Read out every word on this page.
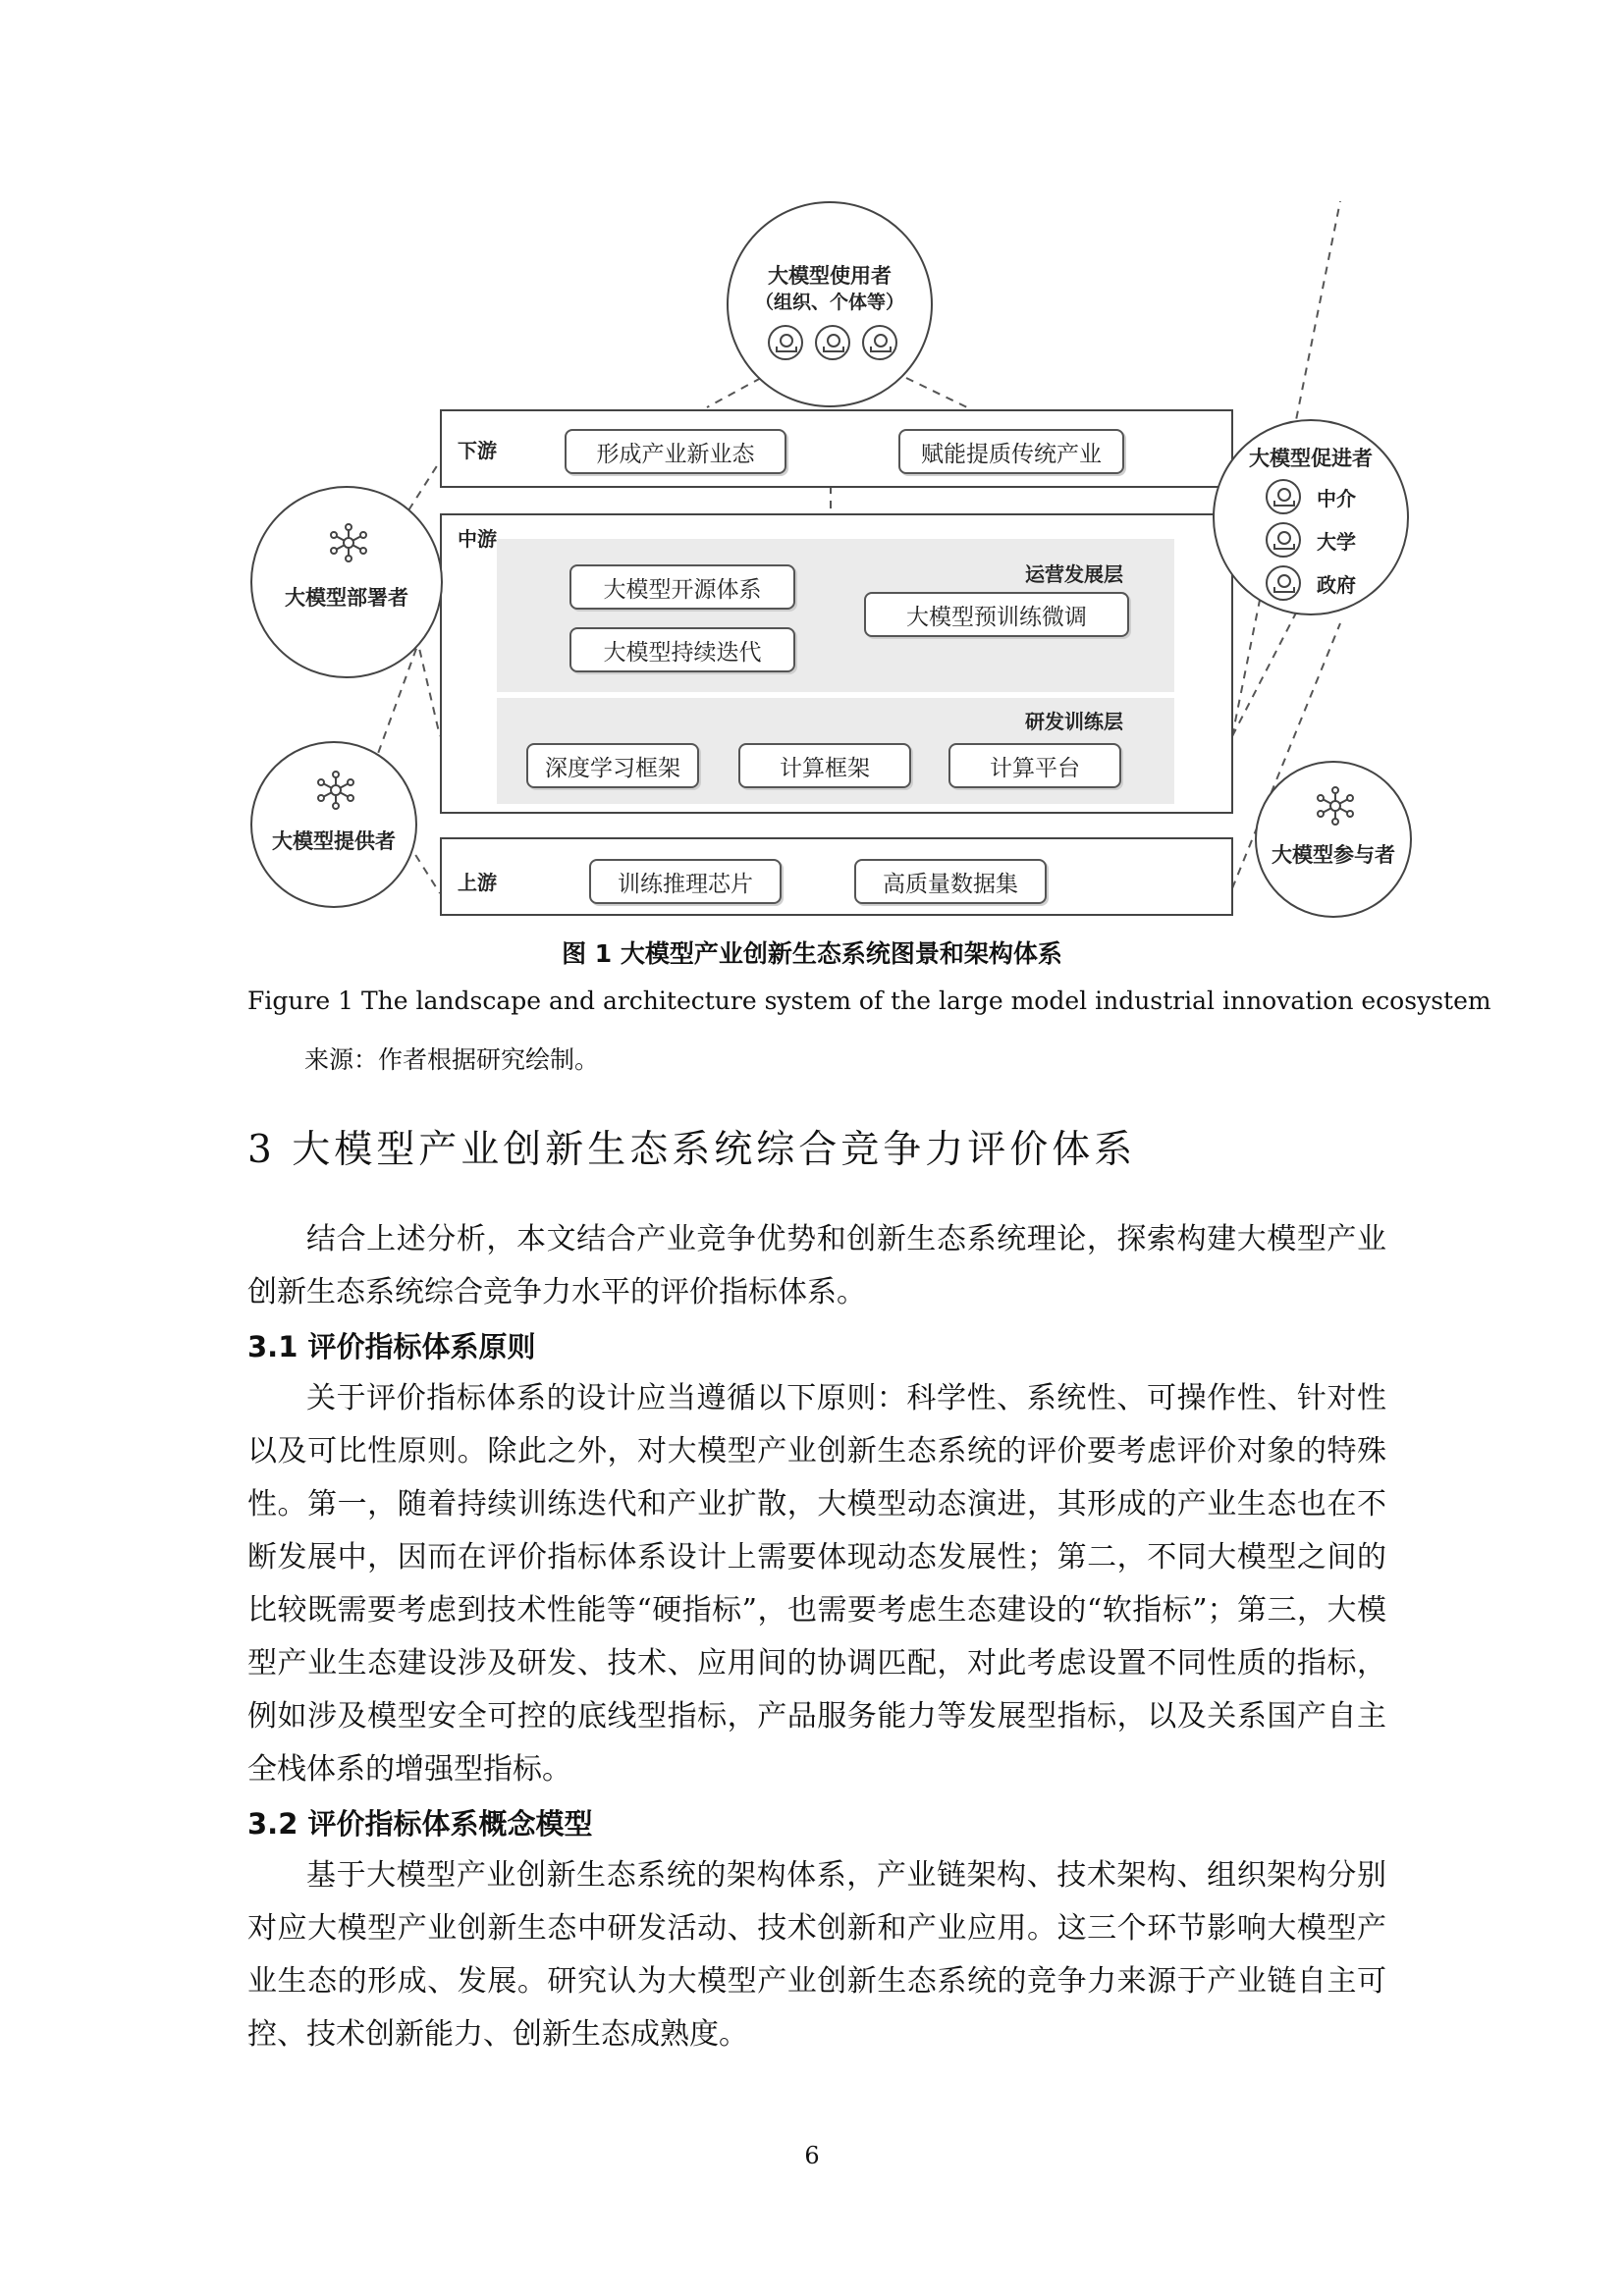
下游	形成产业新业态	赋能提质传统产业
中游
运营发展层
大模型开源体系
大模型持续迭代
大模型预训练微调
研发训练层
深度学习框架	计算框架	计算平台
上游	训练推理芯片	高质量数据集
大模型使用者
（组织、个体等）
大模型部署者
大模型提供者
大模型促进者
中介
大学
政府
大模型参与者
图 1 大模型产业创新生态系统图景和架构体系
Figure 1 The landscape and architecture system of the large model industrial innovation ecosystem
来源：作者根据研究绘制。
3 大模型产业创新生态系统综合竞争力评价体系

结合上述分析，本文结合产业竞争优势和创新生态系统理论，探索构建大模型产业创新生态系统综合竞争力水平的评价指标体系。

3.1 评价指标体系原则

关于评价指标体系的设计应当遵循以下原则：科学性、系统性、可操作性、针对性以及可比性原则。除此之外，对大模型产业创新生态系统的评价要考虑评价对象的特殊性。第一，随着持续训练迭代和产业扩散，大模型动态演进，其形成的产业生态也在不断发展中，因而在评价指标体系设计上需要体现动态发展性；第二，不同大模型之间的比较既需要考虑到技术性能等“硬指标”，也需要考虑生态建设的“软指标”；第三，大模型产业生态建设涉及研发、技术、应用间的协调匹配，对此考虑设置不同性质的指标，例如涉及模型安全可控的底线型指标，产品服务能力等发展型指标，以及关系国产自主全栈体系的增强型指标。

3.2 评价指标体系概念模型

基于大模型产业创新生态系统的架构体系，产业链架构、技术架构、组织架构分别对应大模型产业创新生态中研发活动、技术创新和产业应用。这三个环节影响大模型产业生态的形成、发展。研究认为大模型产业创新生态系统的竞争力来源于产业链自主可控、技术创新能力、创新生态成熟度。

6
